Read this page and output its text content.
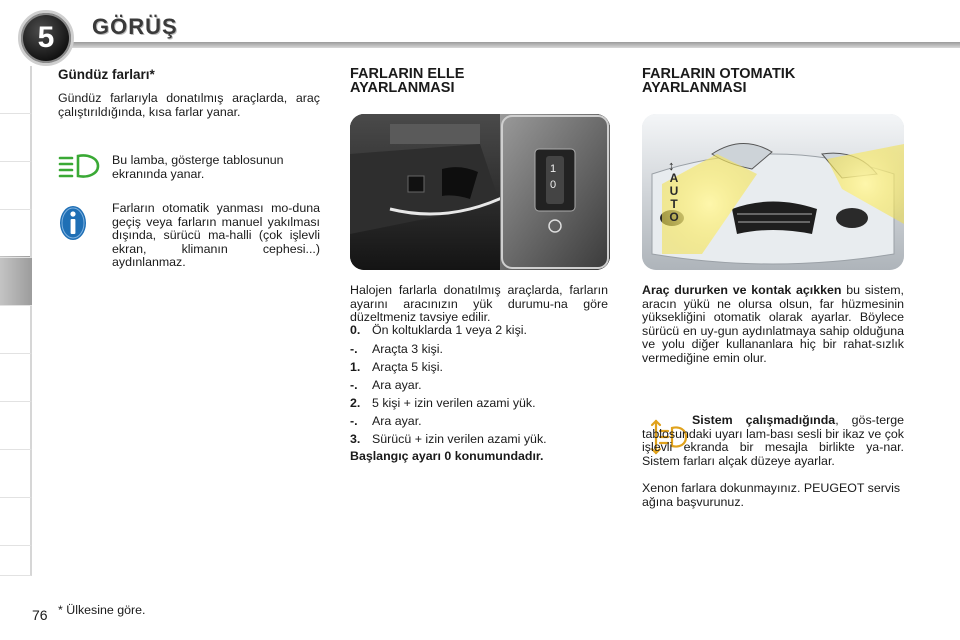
5	GÖRÜŞ
Gündüz farları*
Gündüz farlarıyla donatılmış araçlarda, araç çalıştırıldığında, kısa farlar yanar.
Bu lamba, gösterge tablosunun ekranında yanar.
Farların otomatik yanması mo-duna geçiş veya farların manuel yakılması dışında, sürücü ma-halli (çok işlevli ekran, klimanın cephesi...) aydınlanmaz.
FARLARIN ELLE
AYARLANMASI
1
0
Halojen farlarla donatılmış araçlarda, farların ayarını aracınızın yük durumu-na göre düzeltmeniz tavsiye edilir.
0. Ön koltuklarda 1 veya 2 kişi.
-. Araçta 3 kişi.
1. Araçta 5 kişi.
-. Ara ayar.
2. 5 kişi + izin verilen azami yük.
-. Ara ayar.
3. Sürücü + izin verilen azami yük.
Başlangıç ayarı 0 konumundadır.
FARLARIN OTOMATIK
AYARLANMASI
↕
AUTO
Araç dururken ve kontak açıkken bu sistem, aracın yükü ne olursa olsun, far hüzmesinin yüksekliğini otomatik olarak ayarlar. Böylece sürücü en uy-gun aydınlatmaya sahip olduğuna ve yolu diğer kullananlara hiç bir rahat-sızlık vermediğine emin olur.
Sistem çalışmadığında, gös-terge tablosundaki uyarı lam-bası sesli bir ikaz ve çok işlevli ekranda bir mesajla birlikte ya-nar. Sistem farları alçak düzeye ayarlar.
Xenon farlara dokunmayınız. PEUGEOT servis ağına başvurunuz.
76 * Ülkesine göre.
